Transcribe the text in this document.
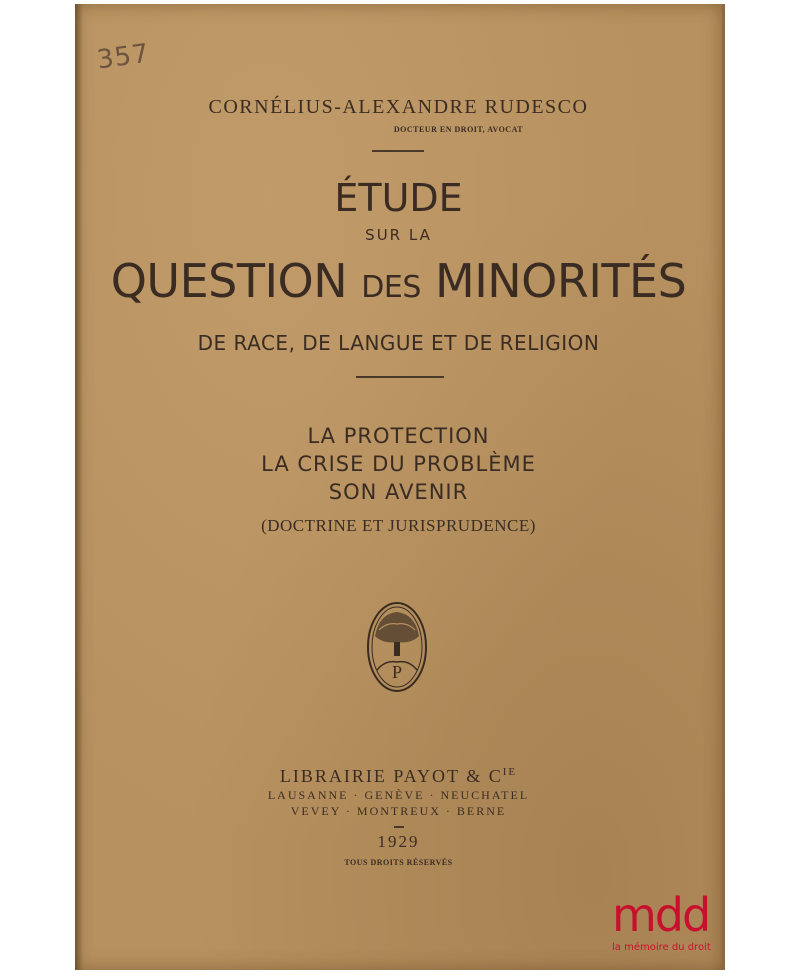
357

CORNÉLIUS-ALEXANDRE RUDESCO

DOCTEUR EN DROIT, AVOCAT

ÉTUDE

SUR LA

QUESTION DES MINORITÉS

DE RACE, DE LANGUE ET DE RELIGION

LA PROTECTION

LA CRISE DU PROBLÈME

SON AVENIR

(DOCTRINE ET JURISPRUDENCE)

P

LIBRAIRIE PAYOT & $C^{IE}$

LAUSANNE · GENÈVE · NEUCHATEL

VEVEY · MONTREUX · BERNE

1929

TOUS DROITS RÉSERVÉS

mdd
la mémoire du droit
